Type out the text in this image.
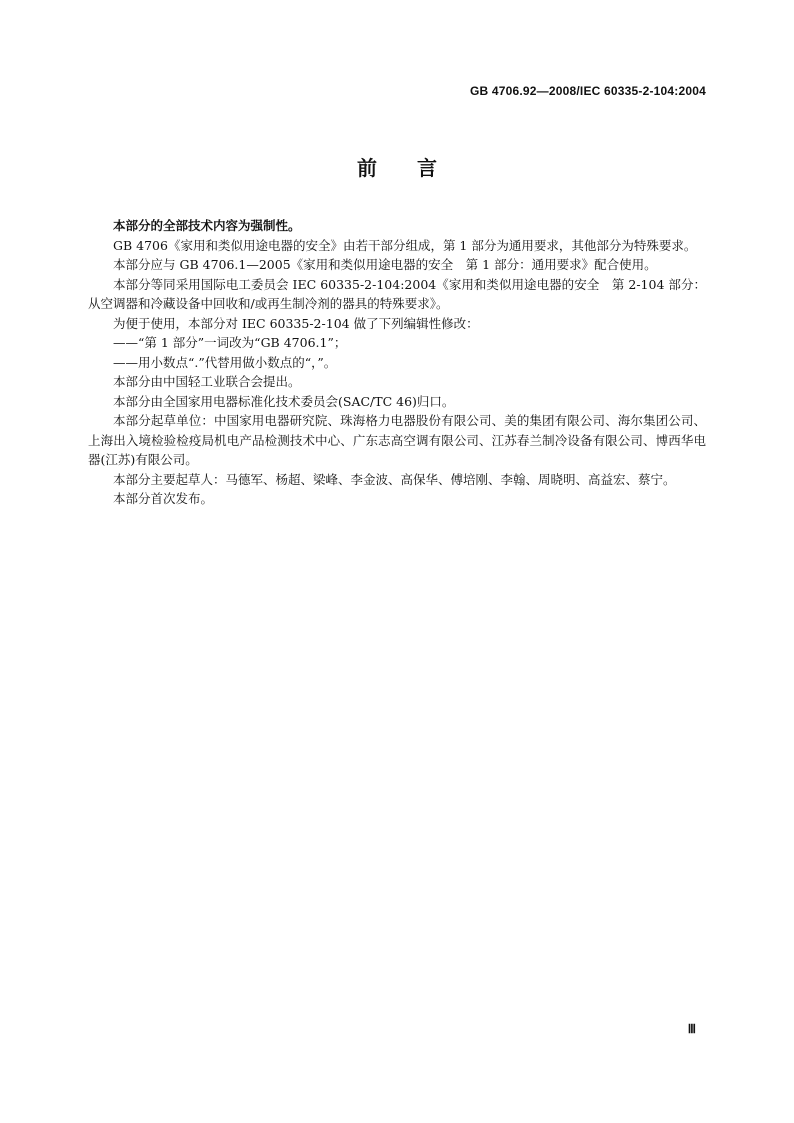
GB 4706.92—2008/IEC 60335-2-104:2004
前 言

本部分的全部技术内容为强制性。

GB 4706《家用和类似用途电器的安全》由若干部分组成，第 1 部分为通用要求，其他部分为特殊要求。

本部分应与 GB 4706.1—2005《家用和类似用途电器的安全　第 1 部分：通用要求》配合使用。

本部分等同采用国际电工委员会 IEC 60335-2-104:2004《家用和类似用途电器的安全　第 2-104 部分：从空调器和冷藏设备中回收和/或再生制冷剂的器具的特殊要求》。

为便于使用，本部分对 IEC 60335-2-104 做了下列编辑性修改：

——“第 1 部分”一词改为“GB 4706.1”；

——用小数点“.”代替用做小数点的“，”。

本部分由中国轻工业联合会提出。

本部分由全国家用电器标准化技术委员会(SAC/TC 46)归口。

本部分起草单位：中国家用电器研究院、珠海格力电器股份有限公司、美的集团有限公司、海尔集团公司、上海出入境检验检疫局机电产品检测技术中心、广东志高空调有限公司、江苏春兰制冷设备有限公司、博西华电器(江苏)有限公司。

本部分主要起草人：马德军、杨超、梁峰、李金波、高保华、傅培刚、李翰、周晓明、高益宏、蔡宁。

本部分首次发布。

Ⅲ
